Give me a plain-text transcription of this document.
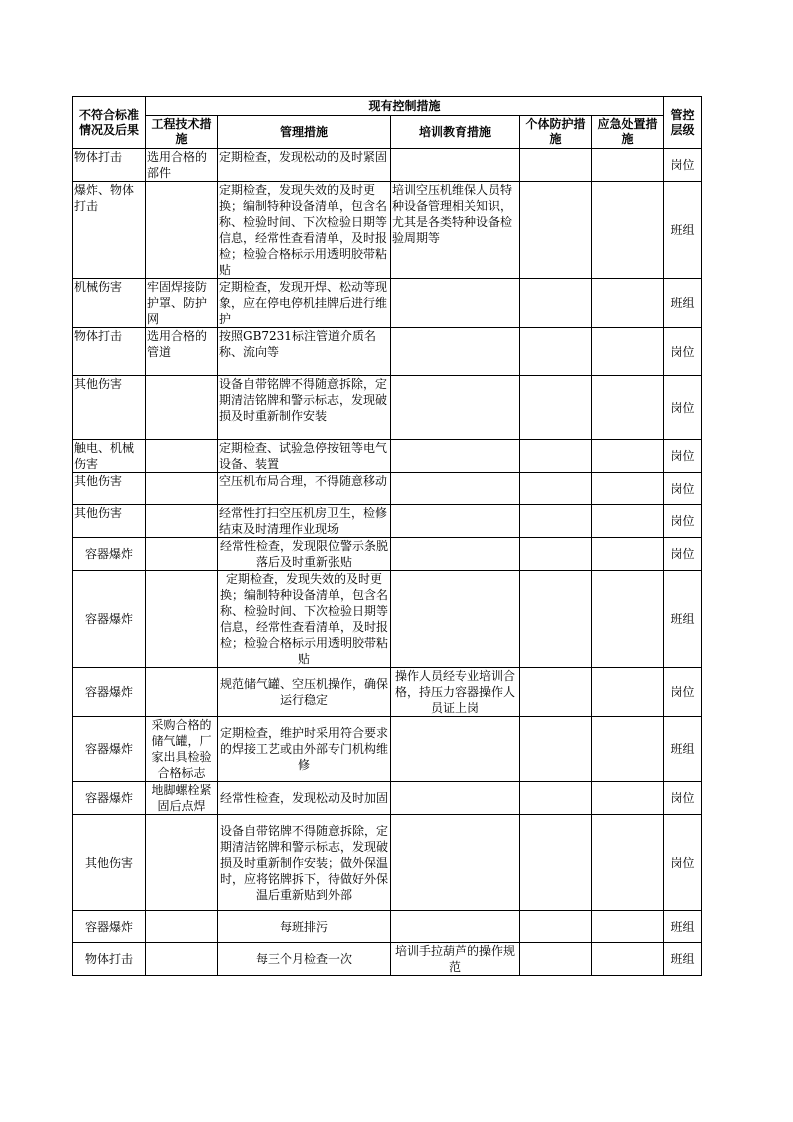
不符合标准情况及后果	现有控制措施					管控层级
	工程技术措施	管理措施	培训教育措施	个体防护措施	应急处置措施	
物体打击	选用合格的部件	定期检查，发现松动的及时紧固				岗位
爆炸、物体打击		定期检查，发现失效的及时更换；编制特种设备清单，包含名称、检验时间、下次检验日期等信息，经常性查看清单，及时报检；检验合格标示用透明胶带粘贴	培训空压机维保人员特种设备管理相关知识，尤其是各类特种设备检验周期等			班组
机械伤害	牢固焊接防护罩、防护网	定期检查，发现开焊、松动等现象，应在停电停机挂牌后进行维护				班组
物体打击	选用合格的管道	按照GB7231标注管道介质名称、流向等				岗位
其他伤害		设备自带铭牌不得随意拆除，定期清洁铭牌和警示标志，发现破损及时重新制作安装				岗位
触电、机械伤害		定期检查、试验急停按钮等电气设备、装置				岗位
其他伤害		空压机布局合理，不得随意移动				岗位
其他伤害		经常性打扫空压机房卫生，检修结束及时清理作业现场				岗位
容器爆炸		经常性检查，发现限位警示条脱落后及时重新张贴				岗位
容器爆炸		定期检查，发现失效的及时更换；编制特种设备清单，包含名称、检验时间、下次检验日期等信息，经常性查看清单，及时报检；检验合格标示用透明胶带粘贴				班组
容器爆炸		规范储气罐、空压机操作，确保运行稳定	操作人员经专业培训合格，持压力容器操作人员证上岗			岗位
容器爆炸	采购合格的储气罐，厂家出具检验合格标志	定期检查，维护时采用符合要求的焊接工艺或由外部专门机构维修				班组
容器爆炸	地脚螺栓紧固后点焊	经常性检查，发现松动及时加固				岗位
其他伤害		设备自带铭牌不得随意拆除，定期清洁铭牌和警示标志，发现破损及时重新制作安装；做外保温时，应将铭牌拆下，待做好外保温后重新贴到外部				岗位
容器爆炸		每班排污				班组
物体打击		每三个月检查一次	培训手拉葫芦的操作规范			班组
